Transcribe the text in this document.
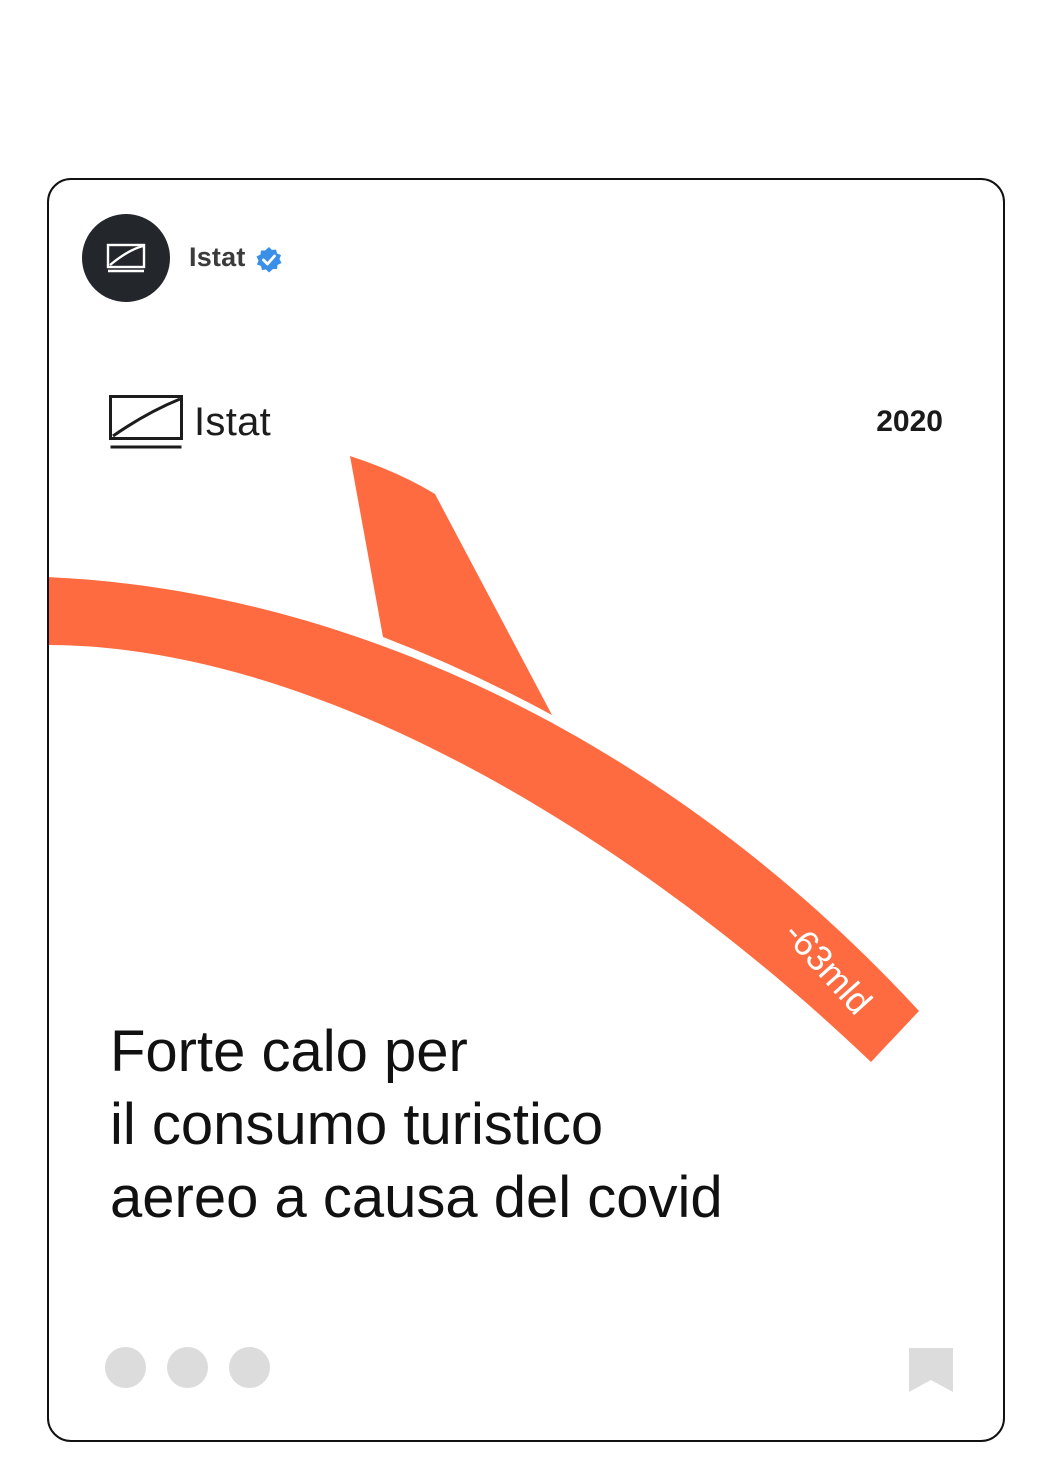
Istat
Istat	2020
-63mld
Forte calo per
il consumo turistico
aereo a causa del covid
